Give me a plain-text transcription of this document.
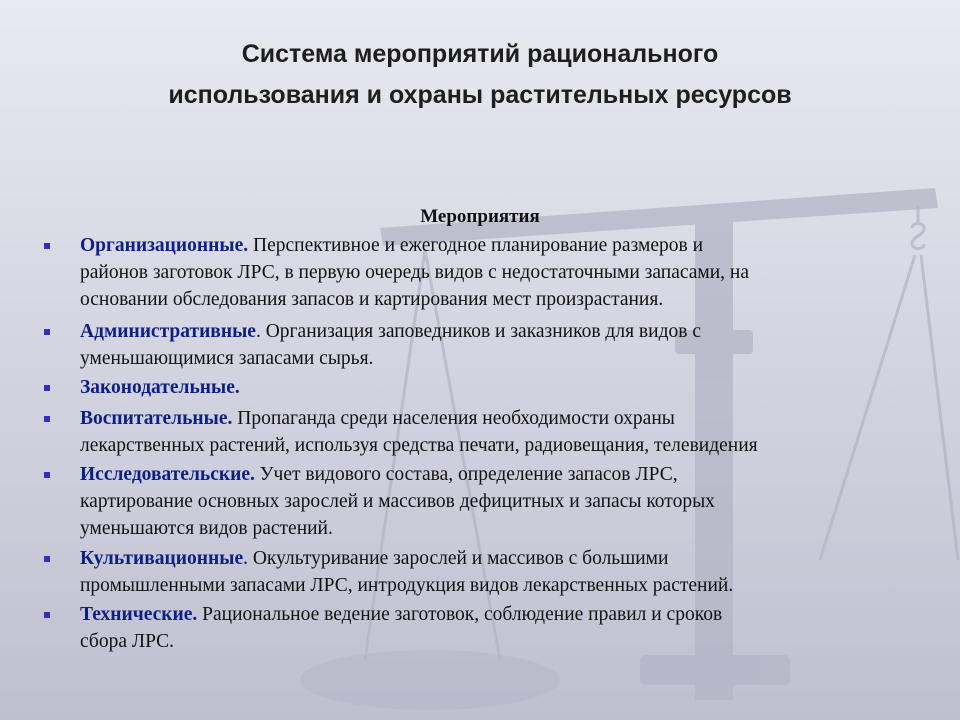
Система мероприятий рационального
использования и охраны растительных ресурсов
Мероприятия
Организационные. Перспективное и ежегодное планирование размеров и
районов заготовок ЛРС, в первую очередь видов с недостаточными запасами, на
основании обследования запасов и картирования мест произрастания.
Административные. Организация заповедников и заказников для видов с
уменьшающимися запасами сырья.
Законодательные.
Воспитательные. Пропаганда среди населения необходимости охраны
лекарственных растений, используя средства печати, радиовещания, телевидения
Исследовательские. Учет видового состава, определение запасов ЛРС,
картирование основных зарослей и массивов дефицитных и запасы которых
уменьшаются видов растений.
Культивационные. Окультуривание зарослей и массивов с большими
промышленными запасами ЛРС, интродукция видов лекарственных растений.
Технические. Рациональное ведение заготовок, соблюдение правил и сроков
сбора ЛРС.
